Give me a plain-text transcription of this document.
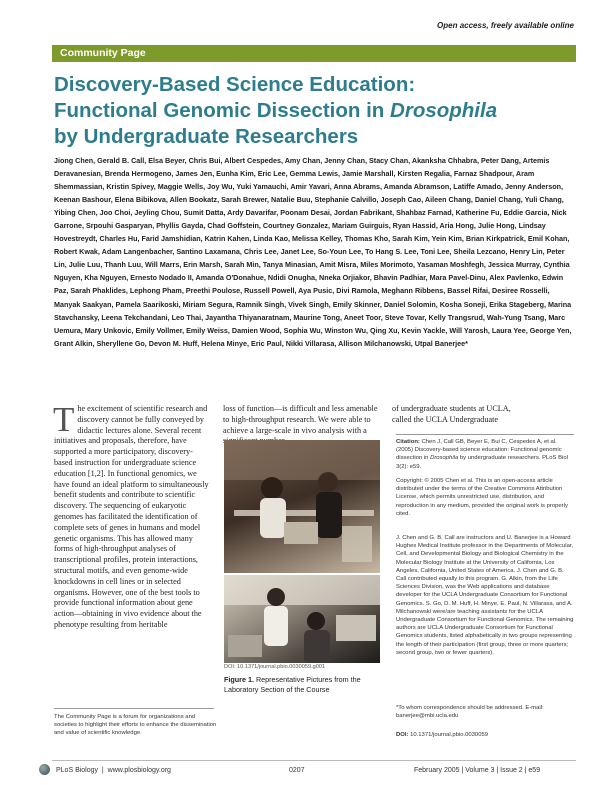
Open access, freely available online
Community Page
Discovery-Based Science Education:
Functional Genomic Dissection in Drosophila
by Undergraduate Researchers

Jiong Chen, Gerald B. Call, Elsa Beyer, Chris Bui, Albert Cespedes, Amy Chan, Jenny Chan, Stacy Chan, Akanksha Chhabra, Peter Dang, Artemis Deravanesian, Brenda Hermogeno, James Jen, Eunha Kim, Eric Lee, Gemma Lewis, Jamie Marshall, Kirsten Regalia, Farnaz Shadpour, Aram Shemmassian, Kristin Spivey, Maggie Wells, Joy Wu, Yuki Yamauchi, Amir Yavari, Anna Abrams, Amanda Abramson, Latiffe Amado, Jenny Anderson, Keenan Bashour, Elena Bibikova, Allen Bookatz, Sarah Brewer, Natalie Buu, Stephanie Calvillo, Joseph Cao, Aileen Chang, Daniel Chang, Yuli Chang, Yibing Chen, Joo Choi, Jeyling Chou, Sumit Datta, Ardy Davarifar, Poonam Desai, Jordan Fabrikant, Shahbaz Farnad, Katherine Fu, Eddie Garcia, Nick Garrone, Srpouhi Gasparyan, Phyllis Gayda, Chad Goffstein, Courtney Gonzalez, Mariam Guirguis, Ryan Hassid, Aria Hong, Julie Hong, Lindsay Hovestreydt, Charles Hu, Farid Jamshidian, Katrin Kahen, Linda Kao, Melissa Kelley, Thomas Kho, Sarah Kim, Yein Kim, Brian Kirkpatrick, Emil Kohan, Robert Kwak, Adam Langenbacher, Santino Laxamana, Chris Lee, Janet Lee, So-Youn Lee, To Hang S. Lee, Toni Lee, Sheila Lezcano, Henry Lin, Peter Lin, Julie Luu, Thanh Luu, Will Marrs, Erin Marsh, Sarah Min, Tanya Minasian, Amit Misra, Miles Morimoto, Yasaman Moshfegh, Jessica Murray, Cynthia Nguyen, Kha Nguyen, Ernesto Nodado II, Amanda O'Donahue, Ndidi Onugha, Nneka Orjiakor, Bhavin Padhiar, Mara Pavel-Dinu, Alex Pavlenko, Edwin Paz, Sarah Phaklides, Lephong Pham, Preethi Poulose, Russell Powell, Aya Pusic, Divi Ramola, Meghann Ribbens, Bassel Rifai, Desiree Rosselli, Manyak Saakyan, Pamela Saarikoski, Miriam Segura, Ramnik Singh, Vivek Singh, Emily Skinner, Daniel Solomin, Kosha Soneji, Erika Stageberg, Marina Stavchansky, Leena Tekchandani, Leo Thai, Jayantha Thiyanaratnam, Maurine Tong, Aneet Toor, Steve Tovar, Kelly Trangsrud, Wah-Yung Tsang, Marc Uemura, Mary Unkovic, Emily Vollmer, Emily Weiss, Damien Wood, Sophia Wu, Winston Wu, Qing Xu, Kevin Yackle, Will Yarosh, Laura Yee, George Yen, Grant Alkin, Sheryllene Go, Devon M. Huff, Helena Minye, Eric Paul, Nikki Villarasa, Allison Milchanowski, Utpal Banerjee*

T he excitement of scientific research and discovery cannot be fully conveyed by didactic lectures alone. Several recent initiatives and proposals, therefore, have supported a more participatory, discovery-based instruction for undergraduate science education [1,2]. In functional genomics, we have found an ideal platform to simultaneously benefit students and contribute to scientific discovery. The sequencing of eukaryotic genomes has facilitated the identification of complete sets of genes in humans and model genetic organisms. This has allowed many forms of high-throughput analyses of transcriptional profiles, protein interactions, structural motifs, and even genome-wide knockdowns in cell lines or in selected organisms. However, one of the best tools to provide functional information about gene action—obtaining in vivo evidence about the phenotype resulting from heritable

loss of function—is difficult and less amenable to high-throughput research. We were able to achieve a large-scale in vivo analysis with a

DOI: 10.1371/journal.pbio.0030059.g001
Figure 1. Representative Pictures from the Laboratory Section of the Course

of undergraduate students at UCLA, called the UCLA Undergraduate

Citation: Chen J, Call GB, Beyer E, Bui C, Cespedes A, et al. (2005) Discovery-based science education: Functional genomic dissection in Drosophila by undergraduate researchers. PLoS Biol 3(2): e59.

Copyright: © 2005 Chen et al. This is an open-access article distributed under the terms of the Creative Commons Attribution License, which permits unrestricted use, distribution, and reproduction in any medium, provided the original work is properly cited.

J. Chen and G. B. Call are instructors and U. Banerjee is a Howard Hughes Medical Institute professor in the Departments of Molecular, Cell, and Developmental Biology and Biological Chemistry in the Molecular Biology Institute at the University of California, Los Angeles, California, United States of America. J. Chen and G. B. Call contributed equally to this program. G. Alkin, from the Life Sciences Division, was the Web applications and database developer for the UCLA Undergraduate Consortium for Functional Genomics. S. Go, D. M. Huff, H. Minye, E. Paul, N. Villarasa, and A. Milchanowski were/are teaching assistants for the UCLA Undergraduate Consortium for Functional Genomics. The remaining authors are UCLA Undergraduate Consortium for Functional Genomics students, listed alphabetically in two groups representing the length of their participation (first group, three or more quarters; second group, two or fewer quarters).

*To whom correspondence should be addressed. E-mail: banerjee@mbi.ucla.edu

DOI: 10.1371/journal.pbio.0030059

The Community Page is a forum for organizations and societies to highlight their efforts to enhance the dissemination and value of scientific knowledge.

PLoS Biology  |  www.plosbiology.org	0207	February 2005 | Volume 3 | Issue 2 | e59
